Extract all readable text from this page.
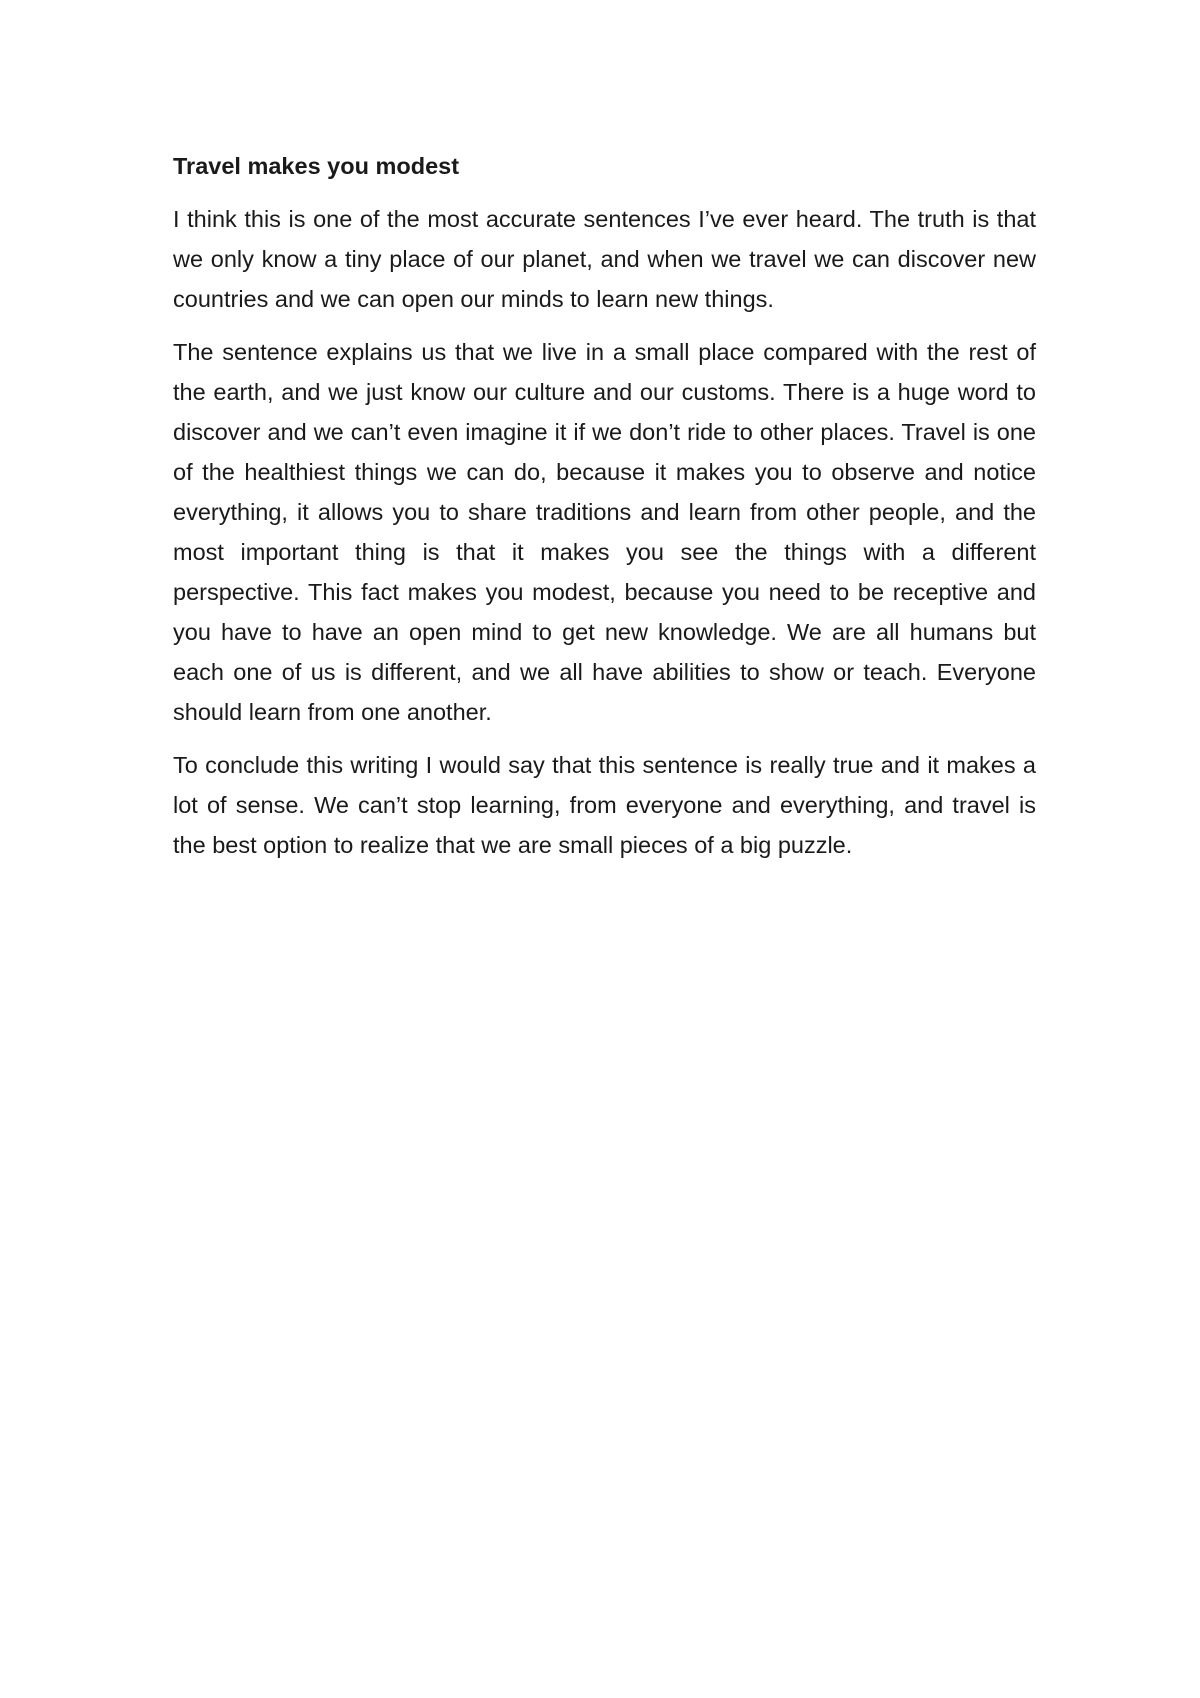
Travel makes you modest

I think this is one of the most accurate sentences I’ve ever heard. The truth is that we only know a tiny place of our planet, and when we travel we can discover new countries and we can open our minds to learn new things.

The sentence explains us that we live in a small place compared with the rest of the earth, and we just know our culture and our customs. There is a huge word to discover and we can’t even imagine it if we don’t ride to other places. Travel is one of the healthiest things we can do, because it makes you to observe and notice everything, it allows you to share traditions and learn from other people, and the most important thing is that it makes you see the things with a different perspective. This fact makes you modest, because you need to be receptive and you have to have an open mind to get new knowledge. We are all humans but each one of us is different, and we all have abilities to show or teach. Everyone should learn from one another.

To conclude this writing I would say that this sentence is really true and it makes a lot of sense. We can’t stop learning, from everyone and everything, and travel is the best option to realize that we are small pieces of a big puzzle.
